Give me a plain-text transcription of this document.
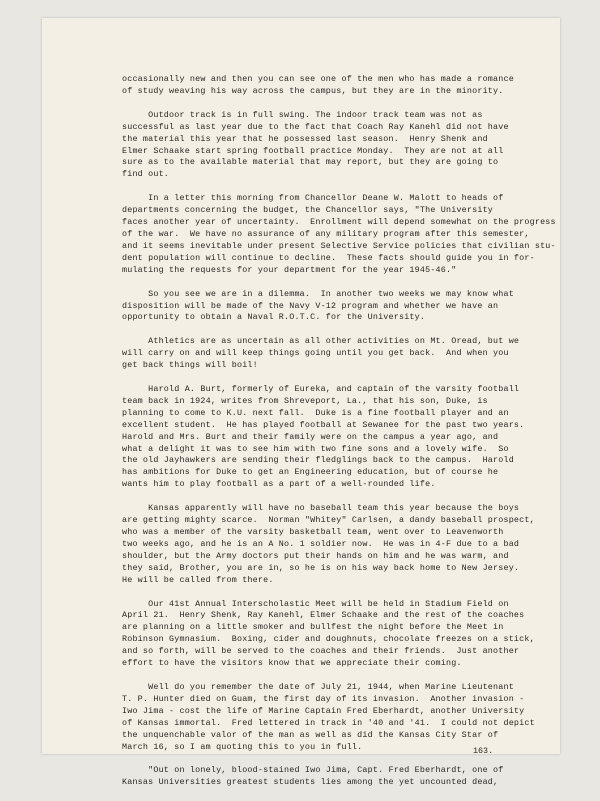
occasionally new and then you can see one of the men who has made a romance
of study weaving his way across the campus, but they are in the minority.
Outdoor track is in full swing. The indoor track team was not as
successful as last year due to the fact that Coach Ray Kanehl did not have
the material this year that he possessed last season.  Henry Shenk and
Elmer Schaake start spring football practice Monday.  They are not at all
sure as to the available material that may report, but they are going to
find out.
In a letter this morning from Chancellor Deane W. Malott to heads of
departments concerning the budget, the Chancellor says, "The University
faces another year of uncertainty.  Enrollment will depend somewhat on the progress
of the war.  We have no assurance of any military program after this semester,
and it seems inevitable under present Selective Service policies that civilian stu-
dent population will continue to decline.  These facts should guide you in for-
mulating the requests for your department for the year 1945-46."
So you see we are in a dilemma.  In another two weeks we may know what
disposition will be made of the Navy V-12 program and whether we have an
opportunity to obtain a Naval R.O.T.C. for the University.
Athletics are as uncertain as all other activities on Mt. Oread, but we
will carry on and will keep things going until you get back.  And when you
get back things will boil!
Harold A. Burt, formerly of Eureka, and captain of the varsity football
team back in 1924, writes from Shreveport, La., that his son, Duke, is
planning to come to K.U. next fall.  Duke is a fine football player and an
excellent student.  He has played football at Sewanee for the past two years.
Harold and Mrs. Burt and their family were on the campus a year ago, and
what a delight it was to see him with two fine sons and a lovely wife.  So
the old Jayhawkers are sending their fledglings back to the campus.  Harold
has ambitions for Duke to get an Engineering education, but of course he
wants him to play football as a part of a well-rounded life.
Kansas apparently will have no baseball team this year because the boys
are getting mighty scarce.  Norman "Whitey" Carlsen, a dandy baseball prospect,
who was a member of the varsity basketball team, went over to Leavenworth
two weeks ago, and he is an A No. 1 soldier now.  He was in 4-F due to a bad
shoulder, but the Army doctors put their hands on him and he was warm, and
they said, Brother, you are in, so he is on his way back home to New Jersey.
He will be called from there.
Our 41st Annual Interscholastic Meet will be held in Stadium Field on
April 21.  Henry Shenk, Ray Kanehl, Elmer Schaake and the rest of the coaches
are planning on a little smoker and bullfest the night before the Meet in
Robinson Gymnasium.  Boxing, cider and doughnuts, chocolate freezes on a stick,
and so forth, will be served to the coaches and their friends.  Just another
effort to have the visitors know that we appreciate their coming.
Well do you remember the date of July 21, 1944, when Marine Lieutenant
T. P. Hunter died on Guam, the first day of its invasion.  Another invasion -
Iwo Jima - cost the life of Marine Captain Fred Eberhardt, another University
of Kansas immortal.  Fred lettered in track in '40 and '41.  I could not depict
the unquenchable valor of the man as well as did the Kansas City Star of
March 16, so I am quoting this to you in full.
"Out on lonely, blood-stained Iwo Jima, Capt. Fred Eberhardt, one of
Kansas Universities greatest students lies among the yet uncounted dead,
163.
